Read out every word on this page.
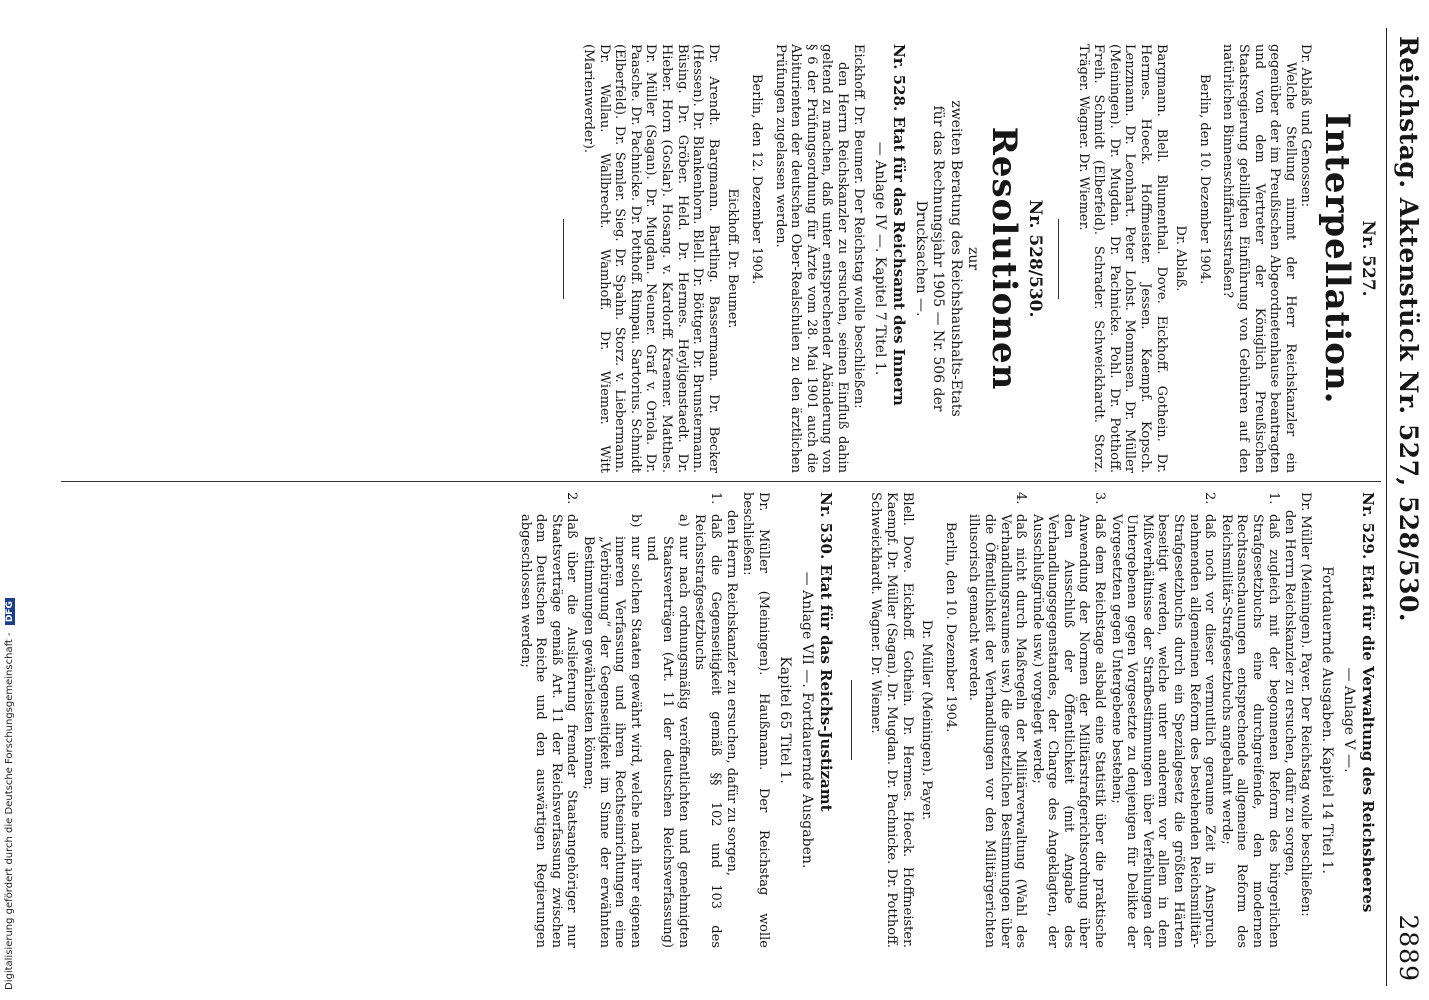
Reichstag. Aktenstück Nr. 527, 528/530.
2889
Nr. 527.
Interpellation.

Dr. Ablaß und Genossen:

Welche Stellung nimmt der Herr Reichskanzler ein gegenüber der im Preußischen Abgeordnetenhause beantragten und von dem Vertreter der Königlich Preußischen Staatsregierung gebilligten Einführung von Gebühren auf den natürlichen Binnenschiffahrtsstraßen?

Berlin, den 10. Dezember 1904.

Dr. Ablaß.

Bargmann. Blell. Blumenthal. Dove. Eickhoff. Gothein. Dr. Hermes. Hoeck. Hoffmeister. Jessen. Kaempf. Kopsch. Lenzmann. Dr. Leonhart. Peter Lohst. Mommsen. Dr. Müller (Meiningen). Dr. Mugdan. Dr. Pachnicke. Pohl. Dr. Potthoff. Freih. Schmidt (Elberfeld). Schrader. Schweickhardt. Storz. Träger. Wagner. Dr. Wiemer.

Nr. 528/530.
Resolutionen
zur
zweiten Beratung des Reichshaushalts-Etats
für das Rechnungsjahr 1905 — Nr. 506 der
Drucksachen —.
Nr. 528. Etat für das Reichsamt des Innern
— Anlage IV —. Kapitel 7 Titel 1.

Eickhoff. Dr. Beumer. Der Reichstag wolle beschließen:

den Herrn Reichskanzler zu ersuchen, seinen Einfluß dahin geltend zu machen, daß unter entsprechender Abänderung von § 6 der Prüfungsordnung für Ärzte vom 28. Mai 1901 auch die Abiturienten der deutschen Ober-Realschulen zu den ärztlichen Prüfungen zugelassen werden.

Berlin, den 12. Dezember 1904.

Eickhoff. Dr. Beumer.

Dr. Arendt. Bargmann. Bartling. Bassermann. Dr. Becker (Hessen). Dr. Blankenhorn. Blell. Dr. Böttger. Dr. Brunstermann. Büsing. Dr. Gröber. Held. Dr. Hermes. Heyligenstaedt. Dr. Hieber. Horn (Goslar). Hosang. v. Kardorff. Kraemer. Matthes. Dr. Müller (Sagan). Dr. Mugdan. Neuner. Graf v. Oriola. Dr. Paasche. Dr. Pachnicke. Dr. Potthoff. Rimpau. Sartorius. Schmidt (Elberfeld). Dr. Semler. Sieg. Dr. Spahn. Storz. v. Liebermann. Dr. Wallau. Wallbrecht. Wamhoff. Dr. Wiemer. Witt (Marienwerder).

Nr. 529. Etat für die Verwaltung des Reichsheeres
— Anlage V —.
Fortdauernde Ausgaben. Kapitel 14 Titel 1.

Dr. Müller (Meiningen). Payer. Der Reichstag wolle beschließen:

den Herrn Reichskanzler zu ersuchen, dafür zu sorgen,

1.
daß zugleich mit der begonnenen Reform des bürgerlichen Strafgesetzbuchs eine durchgreifende, den modernen Rechtsanschauungen entsprechende allgemeine Reform des Reichsmilitär-Strafgesetzbuchs angebahnt werde;
2.
daß noch vor dieser vermutlich geraume Zeit in Anspruch nehmenden allgemeinen Reform des bestehenden Reichsmilitär-Strafgesetzbuchs durch ein Spezialgesetz die größten Härten beseitigt werden, welche unter anderem vor allem in dem Mißverhältnisse der Strafbestimmungen über Verfehlungen der Untergebenen gegen Vorgesetzte zu denjenigen für Delikte der Vorgesetzten gegen Untergebene bestehen;
3.
daß dem Reichstage alsbald eine Statistik über die praktische Anwendung der Normen der Militärstrafgerichtsordnung über den Ausschluß der Öffentlichkeit (mit Angabe des Verhandlungsgegenstandes, der Charge des Angeklagten, der Ausschlußgründe usw.) vorgelegt werde;
4.
daß nicht durch Maßregeln der Militärverwaltung (Wahl des Verhandlungsraumes usw.) die gesetzlichen Bestimmungen über die Öffentlichkeit der Verhandlungen vor den Militärgerichten illusorisch gemacht werden.

Berlin, den 10. Dezember 1904.

Dr. Müller (Meiningen). Payer.

Blell. Dove. Eickhoff. Gothein. Dr. Hermes. Hoeck. Hoffmeister. Kaempf. Dr. Müller (Sagan). Dr. Mugdan. Dr. Pachnicke. Dr. Potthoff. Schweickhardt. Wagner. Dr. Wiemer.

Nr. 530. Etat für das Reichs-Justizamt
— Anlage VII —. Fortdauernde Ausgaben.
Kapitel 65 Titel 1.

Dr. Müller (Meiningen). Haußmann. Der Reichstag wolle beschließen:

den Herrn Reichskanzler zu ersuchen, dafür zu sorgen,

1.
daß die Gegenseitigkeit gemäß §§ 102 und 103 des Reichsstrafgesetzbuchs
a)
nur nach ordnungsmäßig veröffentlichten und genehmigten Staatsverträgen (Art. 11 der deutschen Reichsverfassung) und
b)
nur solchen Staaten gewährt wird, welche nach ihrer eigenen inneren Verfassung und ihren Rechtseinrichtungen eine „Verbürgung“ der Gegenseitigkeit im Sinne der erwähnten Bestimmungen gewährleisten können;
2.
daß über die Auslieferung fremder Staatsangehöriger nur Staatsverträge gemäß Art. 11 der Reichsverfassung zwischen dem Deutschen Reiche und den auswärtigen Regierungen abgeschlossen werden;
Digitalisierung gefördert durch die Deutsche Forschungsgemeinschaft - DFG
